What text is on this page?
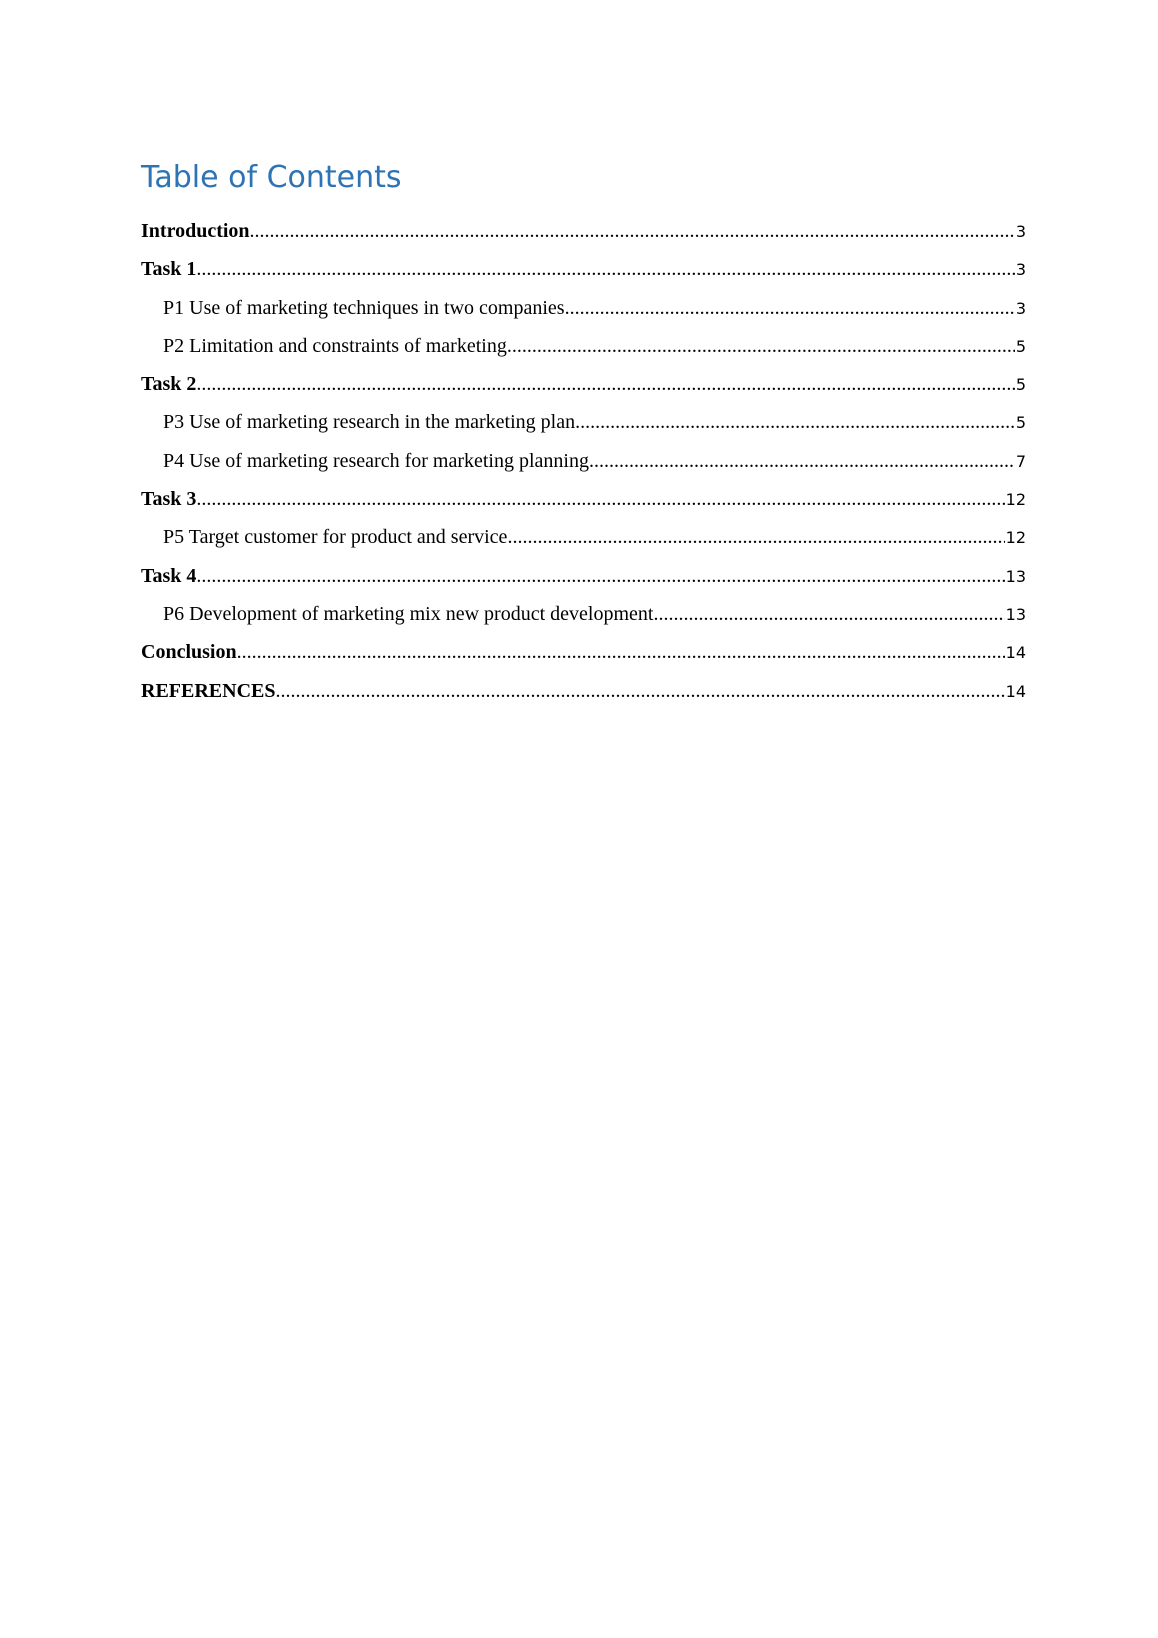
Table of Contents
Introduction .....	3
Task 1 .....	3
P1 Use of marketing techniques in two companies .....	3
P2 Limitation and constraints of marketing .....	5
Task 2 .....	5
P3 Use of marketing research in the marketing plan .....	5
P4 Use of marketing research for marketing planning .....	7
Task 3 .....	12
P5 Target customer for product and service .....	12
Task 4 .....	13
P6 Development of marketing mix new product development .....	13
Conclusion .....	14
REFERENCES .....	14
